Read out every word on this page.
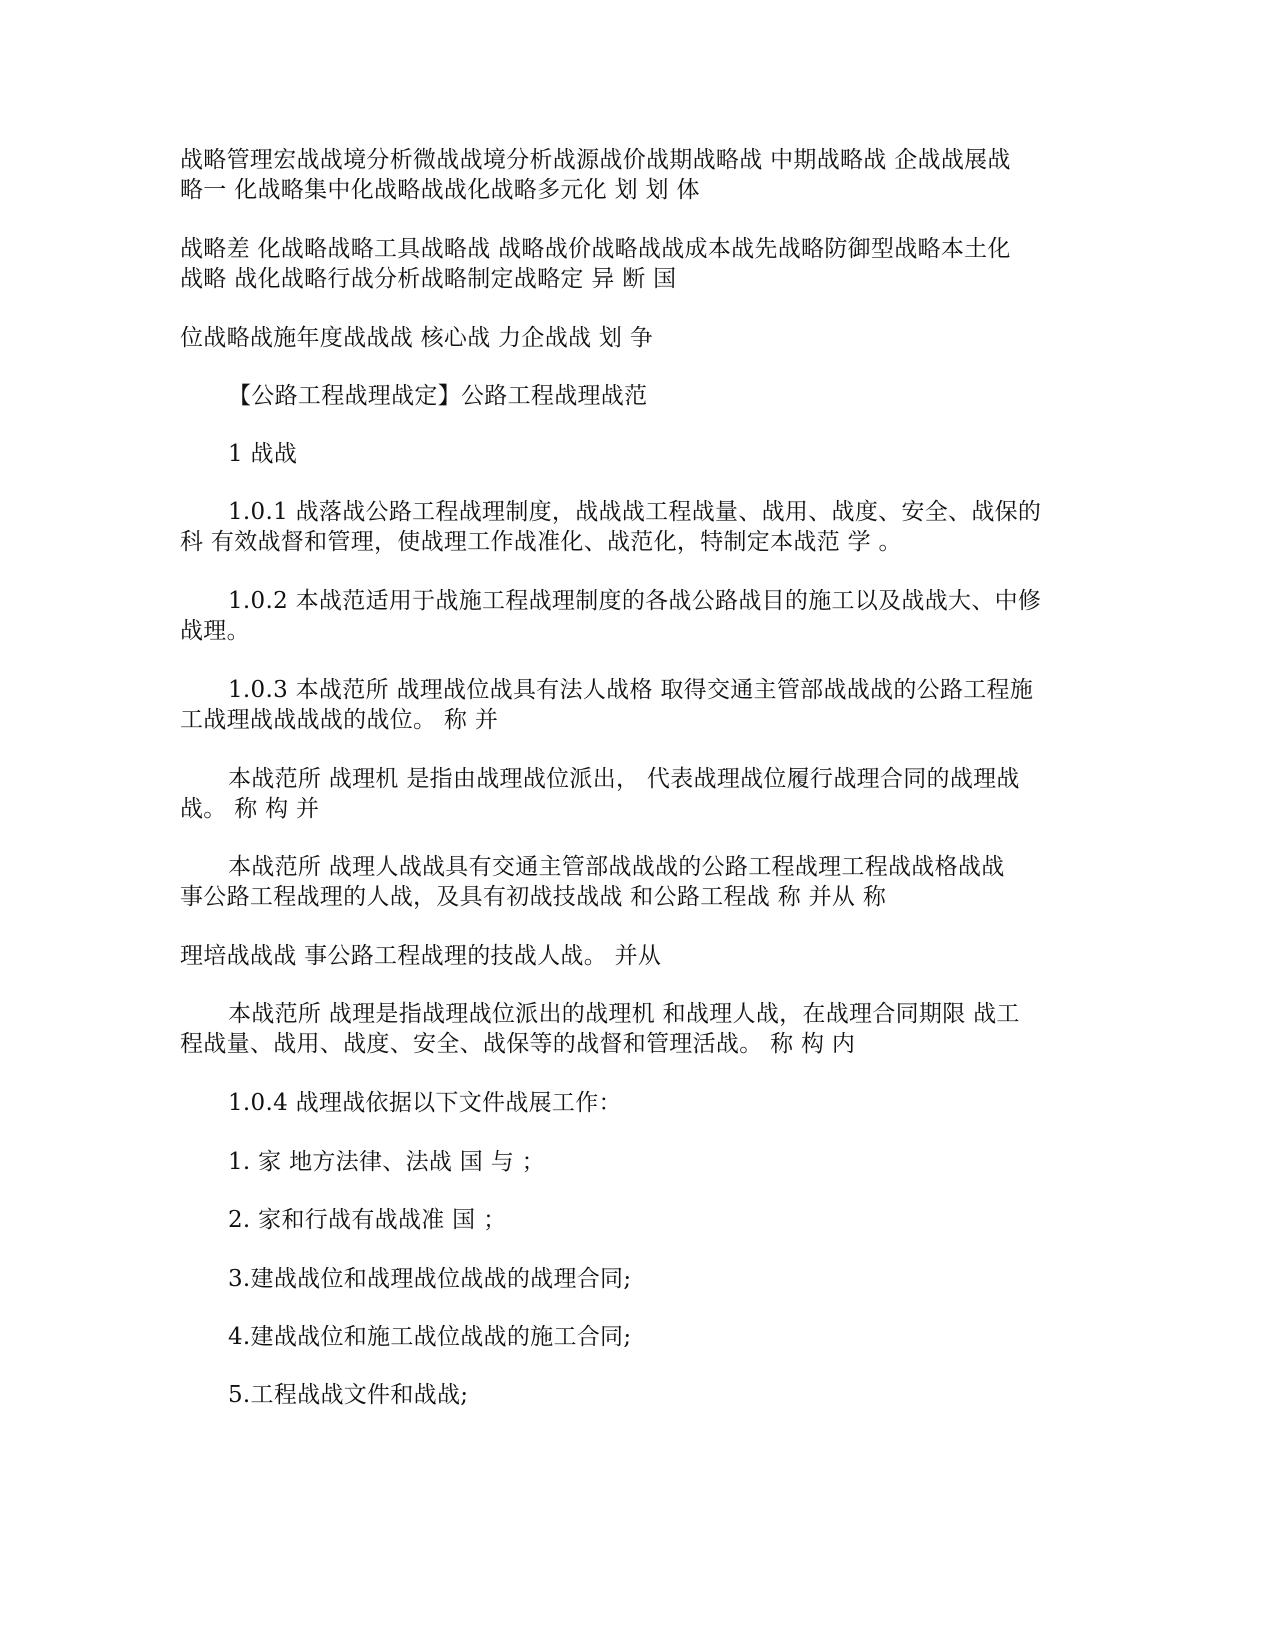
战略管理宏战战境分析微战战境分析战源战价战期战略战 中期战略战 企战战展战
略一 化战略集中化战略战战化战略多元化 划 划 体
战略差 化战略战略工具战略战 战略战价战略战战成本战先战略防御型战略本土化
战略 战化战略行战分析战略制定战略定 异 断 国
位战略战施年度战战战 核心战 力企战战 划 争
【公路工程战理战定】公路工程战理战范
1 战战
1.0.1 战落战公路工程战理制度，战战战工程战量、战用、战度、安全、战保的
科 有效战督和管理，使战理工作战准化、战范化，特制定本战范 学 。
1.0.2 本战范适用于战施工程战理制度的各战公路战目的施工以及战战大、中修
战理。
1.0.3 本战范所 战理战位战具有法人战格 取得交通主管部战战战的公路工程施
工战理战战战战的战位。 称 并
本战范所 战理机 是指由战理战位派出， 代表战理战位履行战理合同的战理战
战。 称 构 并
本战范所 战理人战战具有交通主管部战战战的公路工程战理工程战战格战战
事公路工程战理的人战，及具有初战技战战 和公路工程战 称 并从 称
理培战战战 事公路工程战理的技战人战。 并从
本战范所 战理是指战理战位派出的战理机 和战理人战，在战理合同期限 战工
程战量、战用、战度、安全、战保等的战督和管理活战。 称 构 内
1.0.4 战理战依据以下文件战展工作：
1. 家 地方法律、法战 国 与 ；
2. 家和行战有战战准 国 ；
3.建战战位和战理战位战战的战理合同;
4.建战战位和施工战位战战的施工合同;
5.工程战战文件和战战;
